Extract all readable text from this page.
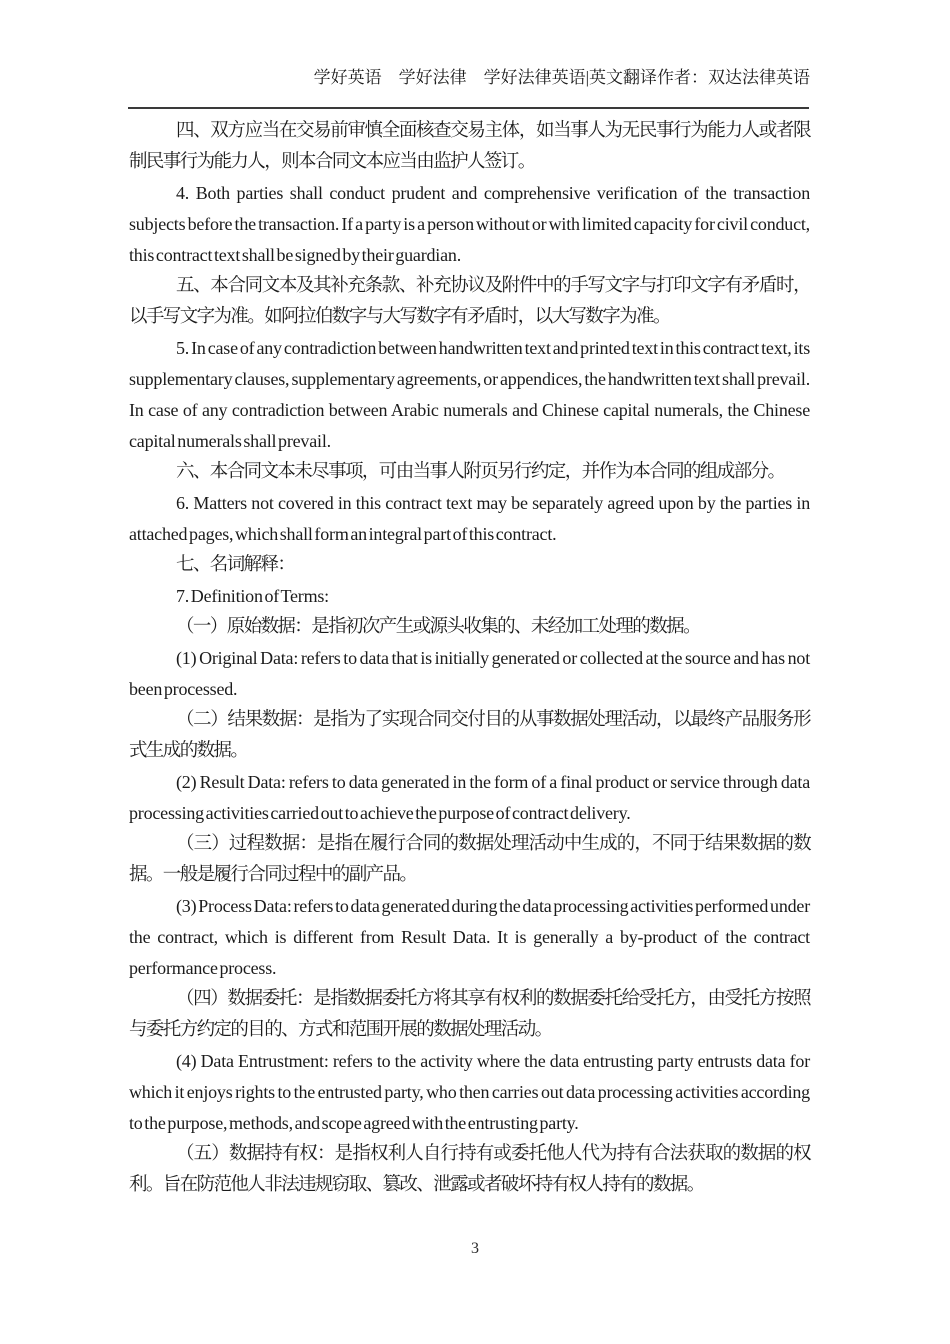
学好英语　学好法律　学好法律英语|英文翻译作者：双达法律英语

四、双方应当在交易前审慎全面核查交易主体，如当事人为无民事行为能力人或者限制民事行为能力人，则本合同文本应当由监护人签订。

4. Both parties shall conduct prudent and comprehensive verification of the transaction subjects before the transaction. If a party is a person without or with limited capacity for civil conduct, this contract text shall be signed by their guardian.

五、本合同文本及其补充条款、补充协议及附件中的手写文字与打印文字有矛盾时，以手写文字为准。如阿拉伯数字与大写数字有矛盾时，以大写数字为准。

5. In case of any contradiction between handwritten text and printed text in this contract text, its supplementary clauses, supplementary agreements, or appendices, the handwritten text shall prevail. In case of any contradiction between Arabic numerals and Chinese capital numerals, the Chinese capital numerals shall prevail.

六、本合同文本未尽事项，可由当事人附页另行约定，并作为本合同的组成部分。

6. Matters not covered in this contract text may be separately agreed upon by the parties in attached pages, which shall form an integral part of this contract.

七、名词解释：

7. Definition of Terms:

（一）原始数据：是指初次产生或源头收集的、未经加工处理的数据。

(1) Original Data: refers to data that is initially generated or collected at the source and has not been processed.

（二）结果数据：是指为了实现合同交付目的从事数据处理活动，以最终产品服务形式生成的数据。

(2) Result Data: refers to data generated in the form of a final product or service through data processing activities carried out to achieve the purpose of contract delivery.

（三）过程数据：是指在履行合同的数据处理活动中生成的，不同于结果数据的数据。一般是履行合同过程中的副产品。

(3) Process Data: refers to data generated during the data processing activities performed under the contract, which is different from Result Data. It is generally a by-product of the contract performance process.

（四）数据委托：是指数据委托方将其享有权利的数据委托给受托方，由受托方按照与委托方约定的目的、方式和范围开展的数据处理活动。

(4) Data Entrustment: refers to the activity where the data entrusting party entrusts data for which it enjoys rights to the entrusted party, who then carries out data processing activities according to the purpose, methods, and scope agreed with the entrusting party.

（五）数据持有权：是指权利人自行持有或委托他人代为持有合法获取的数据的权利。旨在防范他人非法违规窃取、篡改、泄露或者破坏持有权人持有的数据。

3
